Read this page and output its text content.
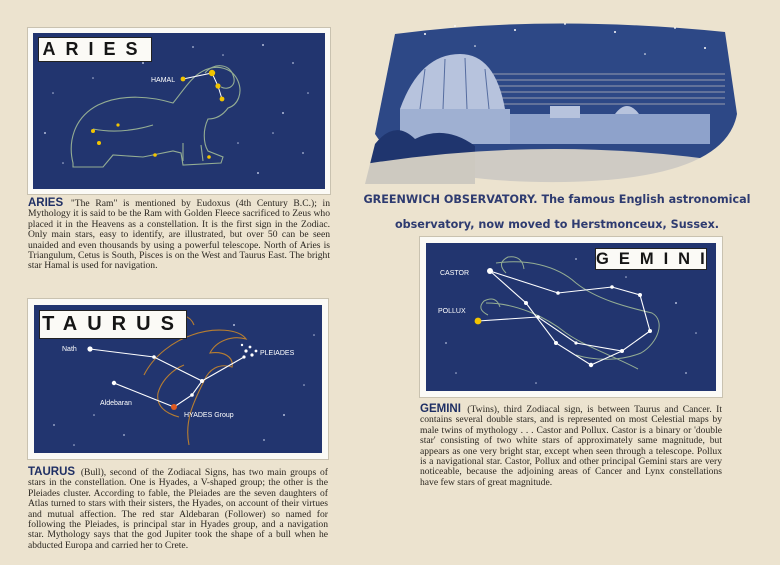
HAMAL
ARIES

ARIES "The Ram" is mentioned by Eudoxus (4th Century B.C.); in Mythology it is said to be the Ram with Golden Fleece sacrificed to Zeus who placed it in the Heavens as a constellation. It is the first sign in the Zodiac. Only main stars, easy to identify, are illustrated, but over 50 can be seen unaided and even thousands by using a powerful telescope. North of Aries is Triangulum, Cetus is South, Pisces is on the West and Taurus East. The bright star Hamal is used for navigation.

GREENWICH OBSERVATORY. The famous English astronomical

observatory, now moved to Herstmonceux, Sussex.

CASTOR
POLLUX
GEMINI

GEMINI (Twins), third Zodiacal sign, is between Taurus and Cancer. It contains several double stars, and is represented on most Celestial maps by male twins of mythology . . . Castor and Pollux. Castor is a binary or 'double star' consisting of two white stars of approximately same magnitude, but appears as one very bright star, except when seen through a telescope. Pollux is a navigational star. Castor, Pollux and other principal Gemini stars are very noticeable, because the adjoining areas of Cancer and Lynx constellations have few stars of great magnitude.

Nath
PLEIADES
Aldebaran
HYADES Group
TAURUS

TAURUS (Bull), second of the Zodiacal Signs, has two main groups of stars in the constellation. One is Hyades, a V-shaped group; the other is the Pleiades cluster. According to fable, the Pleiades are the seven daughters of Atlas turned to stars with their sisters, the Hyades, on account of their virtues and mutual affection. The red star Aldebaran (Follower) so named for following the Pleiades, is principal star in Hyades group, and a navigation star. Mythology says that the god Jupiter took the shape of a bull when he abducted Europa and carried her to Crete.
